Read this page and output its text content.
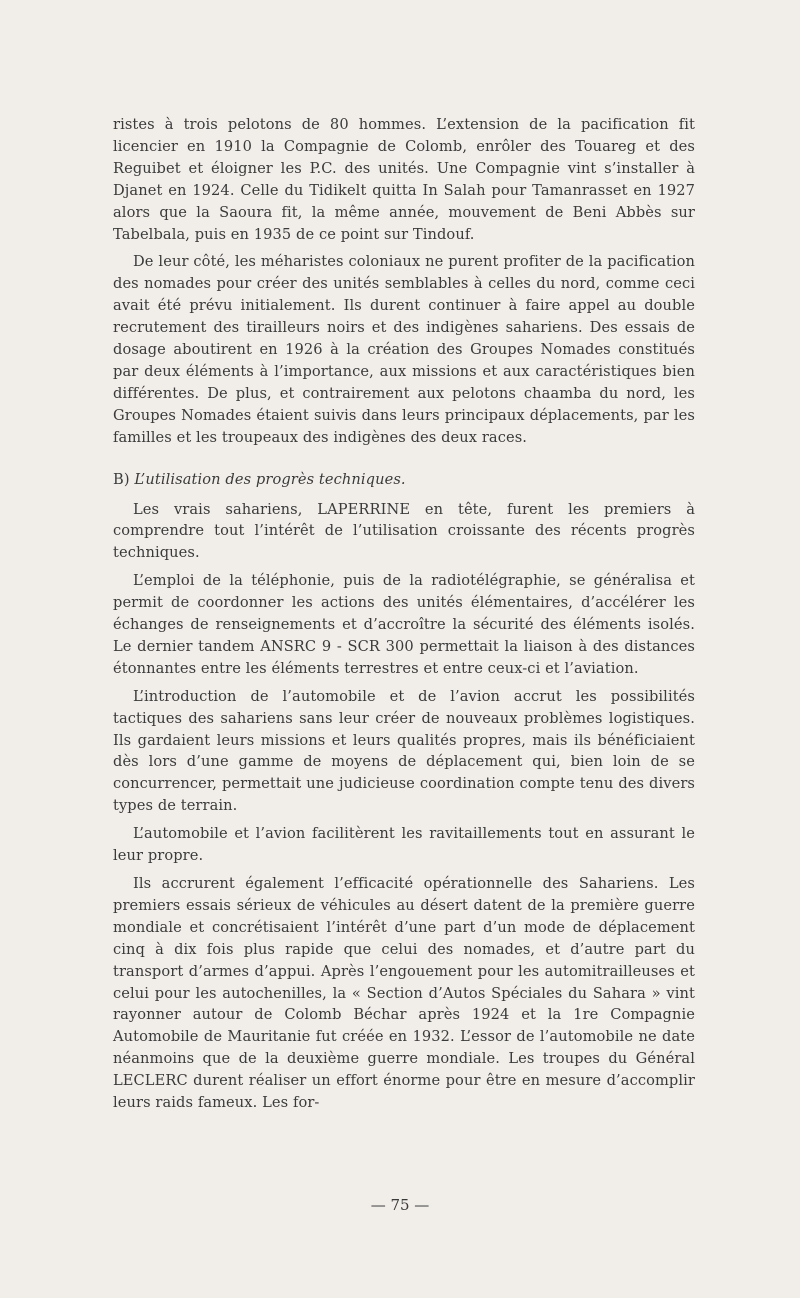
ristes à trois pelotons de 80 hommes. L’extension de la pacification fit licencier en 1910 la Compagnie de Colomb, enrôler des Touareg et des Reguibet et éloigner les P.C. des unités. Une Compagnie vint s’installer à Djanet en 1924. Celle du Tidikelt quitta In Salah pour Tamanrasset en 1927 alors que la Saoura fit, la même année, mouvement de Beni Abbès sur Tabelbala, puis en 1935 de ce point sur Tindouf.

De leur côté, les méharistes coloniaux ne purent profiter de la pacification des nomades pour créer des unités semblables à celles du nord, comme ceci avait été prévu initialement. Ils durent continuer à faire appel au double recrutement des tirailleurs noirs et des indigènes sahariens. Des essais de dosage aboutirent en 1926 à la création des Groupes Nomades constitués par deux éléments à l’importance, aux missions et aux caractéristiques bien différentes. De plus, et contrairement aux pelotons chaamba du nord, les Groupes Nomades étaient suivis dans leurs principaux déplacements, par les familles et les troupeaux des indigènes des deux races.

B) L’utilisation des progrès techniques.

Les vrais sahariens, LAPERRINE en tête, furent les premiers à comprendre tout l’intérêt de l’utilisation croissante des récents progrès techniques.

L’emploi de la téléphonie, puis de la radiotélégraphie, se généralisa et permit de coordonner les actions des unités élémentaires, d’accélérer les échanges de renseignements et d’accroître la sécurité des éléments isolés. Le dernier tandem ANSRC 9 - SCR 300 permettait la liaison à des distances étonnantes entre les éléments terrestres et entre ceux-ci et l’aviation.

L’introduction de l’automobile et de l’avion accrut les possibilités tactiques des sahariens sans leur créer de nouveaux problèmes logistiques. Ils gardaient leurs missions et leurs qualités propres, mais ils bénéficiaient dès lors d’une gamme de moyens de déplacement qui, bien loin de se concurrencer, permettait une judicieuse coordination compte tenu des divers types de terrain.

L’automobile et l’avion facilitèrent les ravitaillements tout en assurant le leur propre.

Ils accrurent également l’efficacité opérationnelle des Sahariens. Les premiers essais sérieux de véhicules au désert datent de la première guerre mondiale et concrétisaient l’intérêt d’une part d’un mode de déplacement cinq à dix fois plus rapide que celui des nomades, et d’autre part du transport d’armes d’appui. Après l’engouement pour les automitrailleuses et celui pour les autochenilles, la « Section d’Autos Spéciales du Sahara » vint rayonner autour de Colomb Béchar après 1924 et la 1re Compagnie Automobile de Mauritanie fut créée en 1932. L’essor de l’automobile ne date néanmoins que de la deuxième guerre mondiale. Les troupes du Général LECLERC durent réaliser un effort énorme pour être en mesure d’accomplir leurs raids fameux. Les for-

— 75 —
